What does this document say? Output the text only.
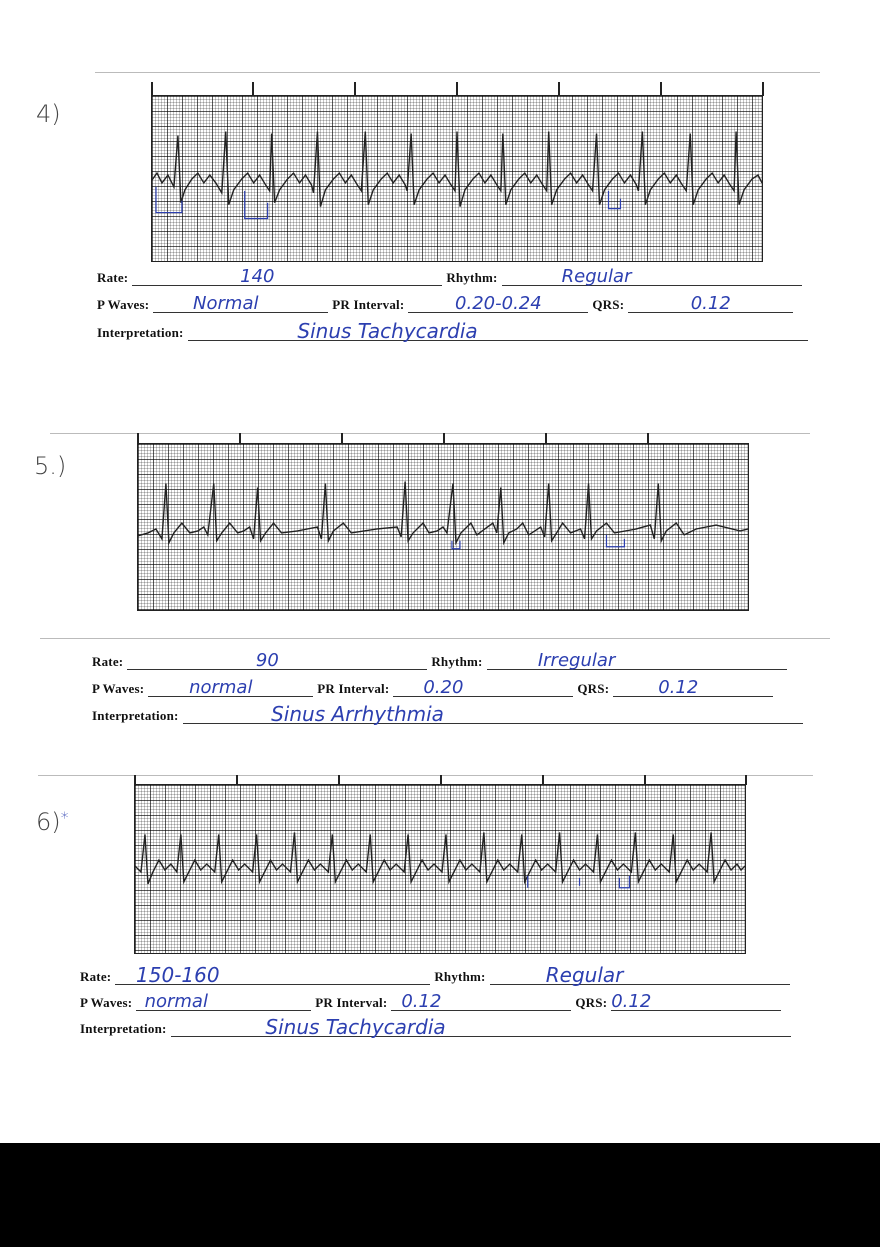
4)
Rate:	140	Rhythm:	Regular
P Waves:	Normal	PR Interval:	0.20-0.24	QRS:	0.12
Interpretation:	Sinus Tachycardia
5.)
Rate:	90	Rhythm:	Irregular
P Waves:	normal	PR Interval:	0.20	QRS:	0.12
Interpretation:	Sinus Arrhythmia
6)*
Rate:	150-160	Rhythm:	Regular
P Waves: normal	PR Interval: 0.12	QRS: 0.12
Interpretation:	Sinus Tachycardia
